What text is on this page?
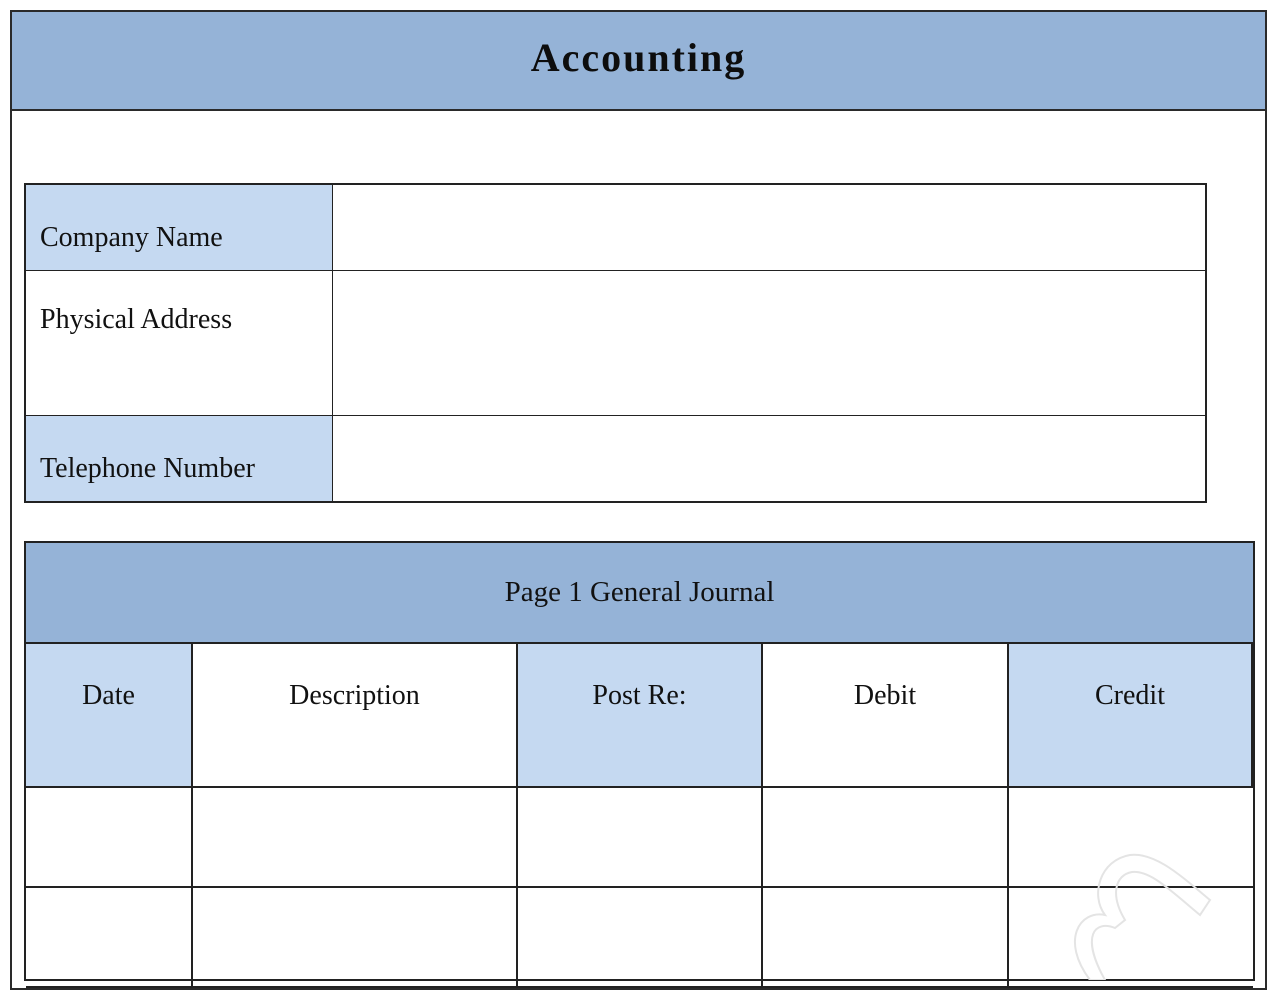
Accounting
Company Name
Physical Address
Telephone Number
Page 1 General Journal
Date	Description	Post Re:	Debit	Credit
